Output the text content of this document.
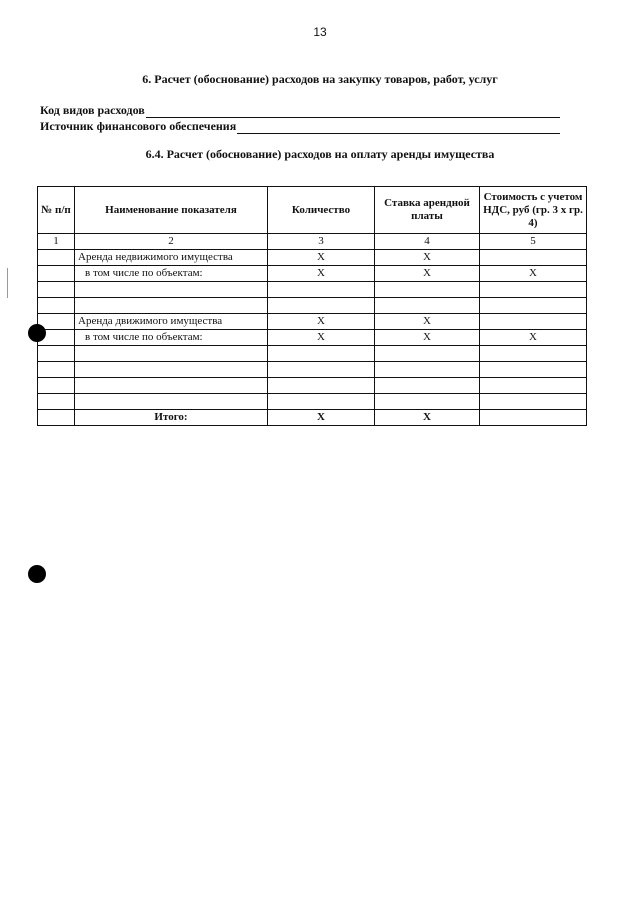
13
6. Расчет (обоснование) расходов на закупку товаров, работ, услуг
Код видов расходов
Источник финансового обеспечения
6.4. Расчет (обоснование) расходов на оплату аренды имущества
№ п/п	Наименование показателя	Количество	Ставка арендной платы	Стоимость с учетом НДС, руб (гр. 3 x гр. 4)
1	2	3	4	5
	Аренда недвижимого имущества	X	X	
	в том числе по объектам:	X	X	X

	Аренда движимого имущества	X	X	
	в том числе по объектам:	X	X	X

	Итого:	X	X	
